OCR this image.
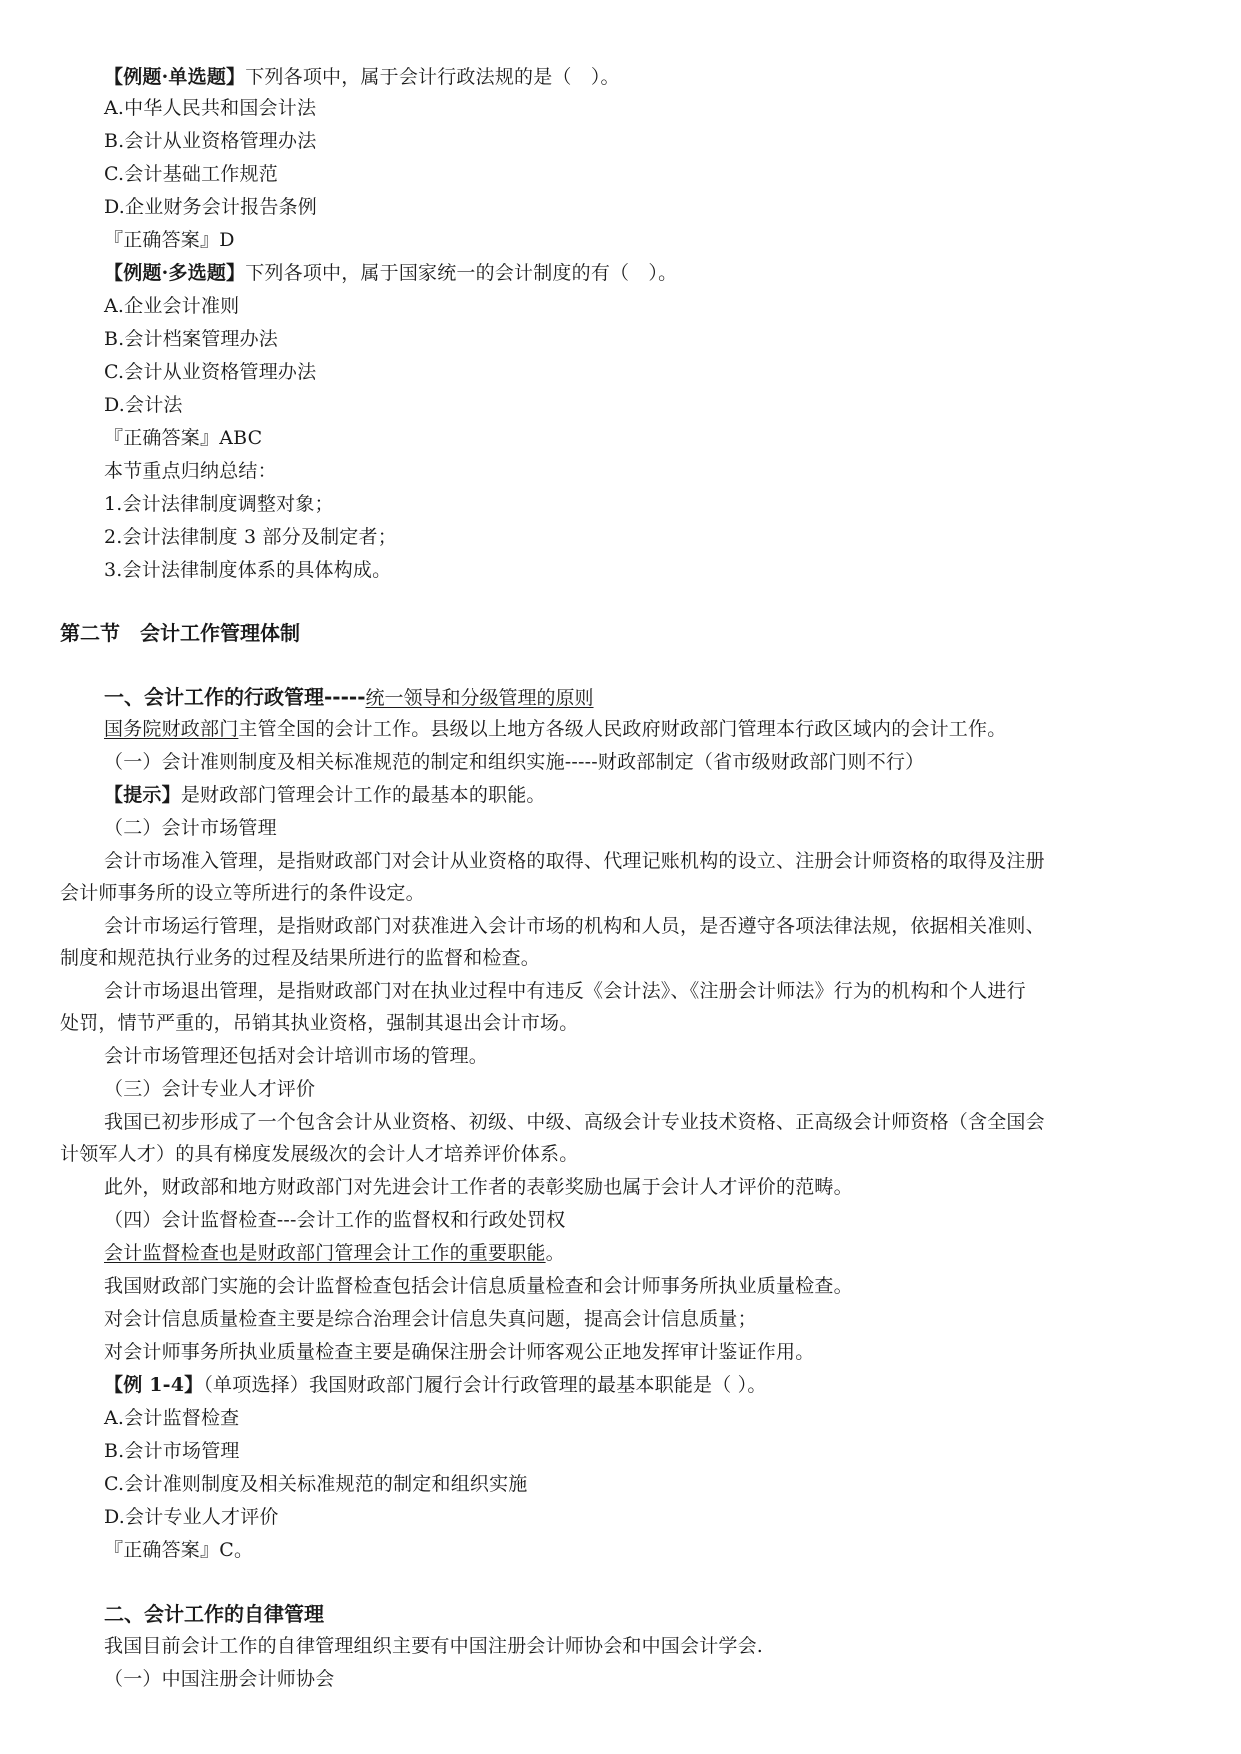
【例题·单选题】下列各项中，属于会计行政法规的是（　）。
A.中华人民共和国会计法
B.会计从业资格管理办法
C.会计基础工作规范
D.企业财务会计报告条例
『正确答案』D
【例题·多选题】下列各项中，属于国家统一的会计制度的有（　）。
A.企业会计准则
B.会计档案管理办法
C.会计从业资格管理办法
D.会计法
『正确答案』ABC
本节重点归纳总结：
1.会计法律制度调整对象；
2.会计法律制度 3 部分及制定者；
3.会计法律制度体系的具体构成。
第二节　会计工作管理体制
一、会计工作的行政管理-----统一领导和分级管理的原则
国务院财政部门主管全国的会计工作。县级以上地方各级人民政府财政部门管理本行政区域内的会计工作。
（一）会计准则制度及相关标准规范的制定和组织实施-----财政部制定（省市级财政部门则不行）
【提示】是财政部门管理会计工作的最基本的职能。
（二）会计市场管理
会计市场准入管理，是指财政部门对会计从业资格的取得、代理记账机构的设立、注册会计师资格的取得及注册
会计师事务所的设立等所进行的条件设定。
会计市场运行管理，是指财政部门对获准进入会计市场的机构和人员，是否遵守各项法律法规，依据相关准则、
制度和规范执行业务的过程及结果所进行的监督和检查。
会计市场退出管理，是指财政部门对在执业过程中有违反《会计法》、《注册会计师法》行为的机构和个人进行
处罚，情节严重的，吊销其执业资格，强制其退出会计市场。
会计市场管理还包括对会计培训市场的管理。
（三）会计专业人才评价
我国已初步形成了一个包含会计从业资格、初级、中级、高级会计专业技术资格、正高级会计师资格（含全国会
计领军人才）的具有梯度发展级次的会计人才培养评价体系。
此外，财政部和地方财政部门对先进会计工作者的表彰奖励也属于会计人才评价的范畴。
（四）会计监督检查---会计工作的监督权和行政处罚权
会计监督检查也是财政部门管理会计工作的重要职能。
我国财政部门实施的会计监督检查包括会计信息质量检查和会计师事务所执业质量检查。
对会计信息质量检查主要是综合治理会计信息失真问题，提高会计信息质量；
对会计师事务所执业质量检查主要是确保注册会计师客观公正地发挥审计鉴证作用。
【例 1-4】（单项选择）我国财政部门履行会计行政管理的最基本职能是（ ）。
A.会计监督检查
B.会计市场管理
C.会计准则制度及相关标准规范的制定和组织实施
D.会计专业人才评价
『正确答案』C。
二、会计工作的自律管理
我国目前会计工作的自律管理组织主要有中国注册会计师协会和中国会计学会.
（一）中国注册会计师协会
